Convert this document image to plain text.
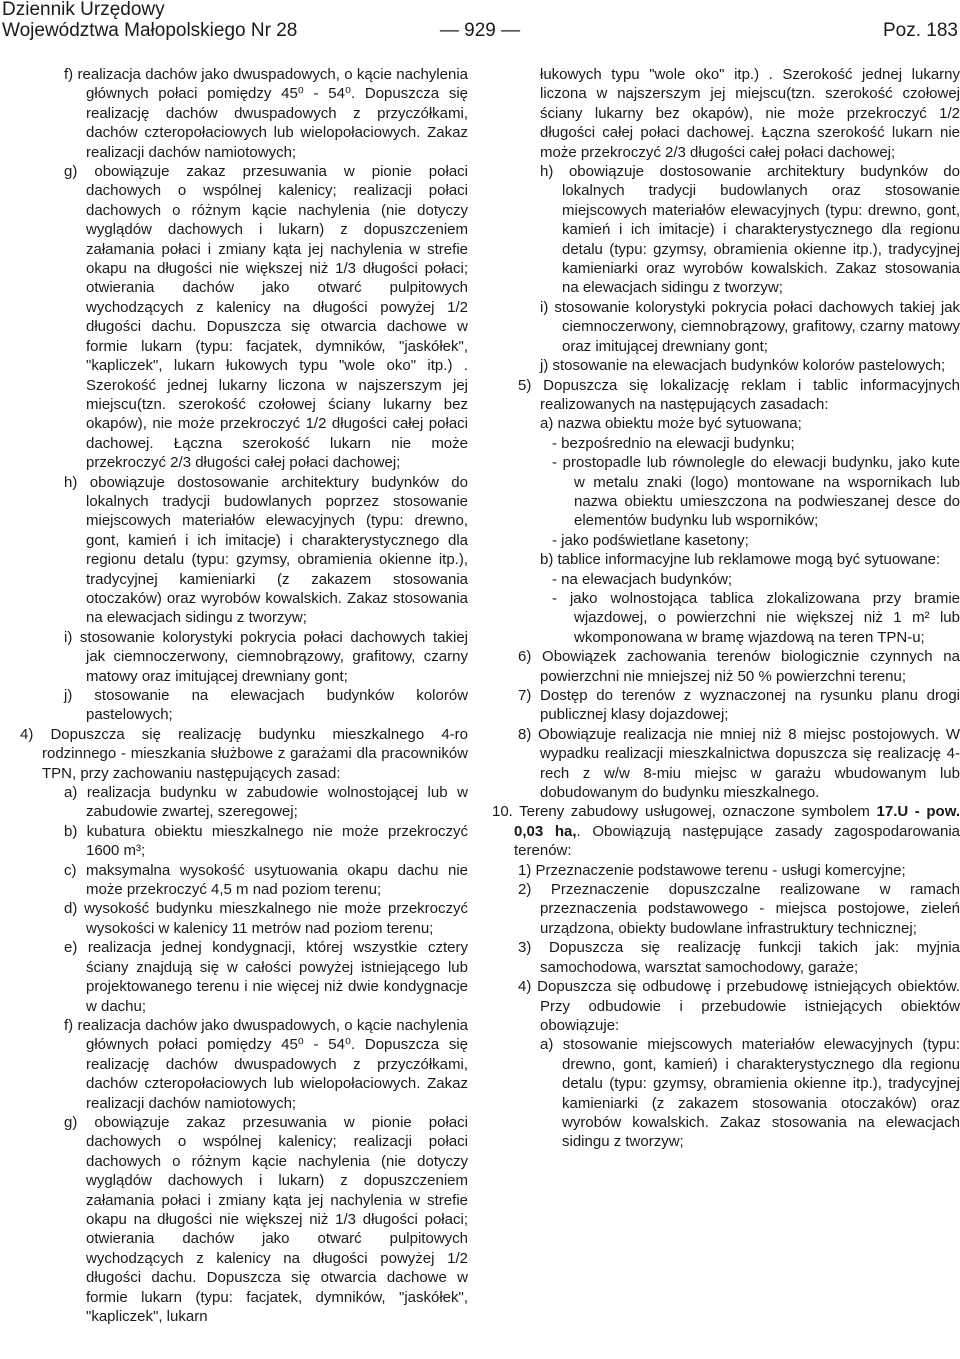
Dziennik Urzędowy
Województwa Małopolskiego Nr 28	— 929 —	Poz. 183

f) realizacja dachów jako dwuspadowych, o kącie nachylenia głównych połaci pomiędzy 45⁰ - 54⁰. Dopuszcza się realizację dachów dwuspadowych z przyczółkami, dachów czteropołaciowych lub wielopołaciowych. Zakaz realizacji dachów namiotowych;

g) obowiązuje zakaz przesuwania w pionie połaci dachowych o wspólnej kalenicy; realizacji połaci dachowych o różnym kącie nachylenia (nie dotyczy wyglądów dachowych i lukarn) z dopuszczeniem załamania połaci i zmiany kąta jej nachylenia w strefie okapu na długości nie większej niż 1/3 długości połaci; otwierania dachów jako otwarć pulpitowych wychodzących z kalenicy na długości powyżej 1/2 długości dachu. Dopuszcza się otwarcia dachowe w formie lukarn (typu: facjatek, dymników, "jaskółek", "kapliczek", lukarn łukowych typu "wole oko" itp.) . Szerokość jednej lukarny liczona w najszerszym jej miejscu(tzn. szerokość czołowej ściany lukarny bez okapów), nie może przekroczyć 1/2 długości całej połaci dachowej. Łączna szerokość lukarn nie może przekroczyć 2/3 długości całej połaci dachowej;

h) obowiązuje dostosowanie architektury budynków do lokalnych tradycji budowlanych poprzez stosowanie miejscowych materiałów elewacyjnych (typu: drewno, gont, kamień i ich imitacje) i charakterystycznego dla regionu detalu (typu: gzymsy, obramienia okienne itp.), tradycyjnej kamieniarki (z zakazem stosowania otoczaków) oraz wyrobów kowalskich. Zakaz stosowania na elewacjach sidingu z tworzyw;

i) stosowanie kolorystyki pokrycia połaci dachowych takiej jak ciemnoczerwony, ciemnobrązowy, grafitowy, czarny matowy oraz imitującej drewniany gont;

j) stosowanie na elewacjach budynków kolorów pastelowych;

4) Dopuszcza się realizację budynku mieszkalnego 4-ro rodzinnego - mieszkania służbowe z garażami dla pracowników TPN, przy zachowaniu następujących zasad:

a) realizacja budynku w zabudowie wolnostojącej lub w zabudowie zwartej, szeregowej;

b) kubatura obiektu mieszkalnego nie może przekroczyć 1600 m³;

c) maksymalna wysokość usytuowania okapu dachu nie może przekroczyć 4,5 m nad poziom terenu;

d) wysokość budynku mieszkalnego nie może przekroczyć wysokości w kalenicy 11 metrów nad poziom terenu;

e) realizacja jednej kondygnacji, której wszystkie cztery ściany znajdują się w całości powyżej istniejącego lub projektowanego terenu i nie więcej niż dwie kondygnacje w dachu;

f) realizacja dachów jako dwuspadowych, o kącie nachylenia głównych połaci pomiędzy 45⁰ - 54⁰. Dopuszcza się realizację dachów dwuspadowych z przyczółkami, dachów czteropołaciowych lub wielopołaciowych. Zakaz realizacji dachów namiotowych;

g) obowiązuje zakaz przesuwania w pionie połaci dachowych o wspólnej kalenicy; realizacji połaci dachowych o różnym kącie nachylenia (nie dotyczy wyglądów dachowych i lukarn) z dopuszczeniem załamania połaci i zmiany kąta jej nachylenia w strefie okapu na długości nie większej niż 1/3 długości połaci; otwierania dachów jako otwarć pulpitowych wychodzących z kalenicy na długości powyżej 1/2 długości dachu. Dopuszcza się otwarcia dachowe w formie lukarn (typu: facjatek, dymników, "jaskółek", "kapliczek", lukarn

łukowych typu "wole oko" itp.) . Szerokość jednej lukarny liczona w najszerszym jej miejscu(tzn. szerokość czołowej ściany lukarny bez okapów), nie może przekroczyć 1/2 długości całej połaci dachowej. Łączna szerokość lukarn nie może przekroczyć 2/3 długości całej połaci dachowej;

h) obowiązuje dostosowanie architektury budynków do lokalnych tradycji budowlanych oraz stosowanie miejscowych materiałów elewacyjnych (typu: drewno, gont, kamień i ich imitacje) i charakterystycznego dla regionu detalu (typu: gzymsy, obramienia okienne itp.), tradycyjnej kamieniarki oraz wyrobów kowalskich. Zakaz stosowania na elewacjach sidingu z tworzyw;

i) stosowanie kolorystyki pokrycia połaci dachowych takiej jak ciemnoczerwony, ciemnobrązowy, grafitowy, czarny matowy oraz imitującej drewniany gont;

j) stosowanie na elewacjach budynków kolorów pastelowych;

5) Dopuszcza się lokalizację reklam i tablic informacyjnych realizowanych na następujących zasadach:

a) nazwa obiektu może być sytuowana;

- bezpośrednio na elewacji budynku;

- prostopadle lub równolegle do elewacji budynku, jako kute w metalu znaki (logo) montowane na wspornikach lub nazwa obiektu umieszczona na podwieszanej desce do elementów budynku lub wsporników;

- jako podświetlane kasetony;

b) tablice informacyjne lub reklamowe mogą być sytuowane:

- na elewacjach budynków;

- jako wolnostojąca tablica zlokalizowana przy bramie wjazdowej, o powierzchni nie większej niż 1 m² lub wkomponowana w bramę wjazdową na teren TPN-u;

6) Obowiązek zachowania terenów biologicznie czynnych na powierzchni nie mniejszej niż 50 % powierzchni terenu;

7) Dostęp do terenów z wyznaczonej na rysunku planu drogi publicznej klasy dojazdowej;

8) Obowiązuje realizacja nie mniej niż 8 miejsc postojowych. W wypadku realizacji mieszkalnictwa dopuszcza się realizację 4- rech z w/w 8-miu miejsc w garażu wbudowanym lub dobudowanym do budynku mieszkalnego.

10. Tereny zabudowy usługowej, oznaczone symbolem 17.U - pow. 0,03 ha,. Obowiązują następujące zasady zagospodarowania terenów:

1) Przeznaczenie podstawowe terenu - usługi komercyjne;

2) Przeznaczenie dopuszczalne realizowane w ramach przeznaczenia podstawowego - miejsca postojowe, zieleń urządzona, obiekty budowlane infrastruktury technicznej;

3) Dopuszcza się realizację funkcji takich jak: myjnia samochodowa, warsztat samochodowy, garaże;

4) Dopuszcza się odbudowę i przebudowę istniejących obiektów. Przy odbudowie i przebudowie istniejących obiektów obowiązuje:

a) stosowanie miejscowych materiałów elewacyjnych (typu: drewno, gont, kamień) i charakterystycznego dla regionu detalu (typu: gzymsy, obramienia okienne itp.), tradycyjnej kamieniarki (z zakazem stosowania otoczaków) oraz wyrobów kowalskich. Zakaz stosowania na elewacjach sidingu z tworzyw;
